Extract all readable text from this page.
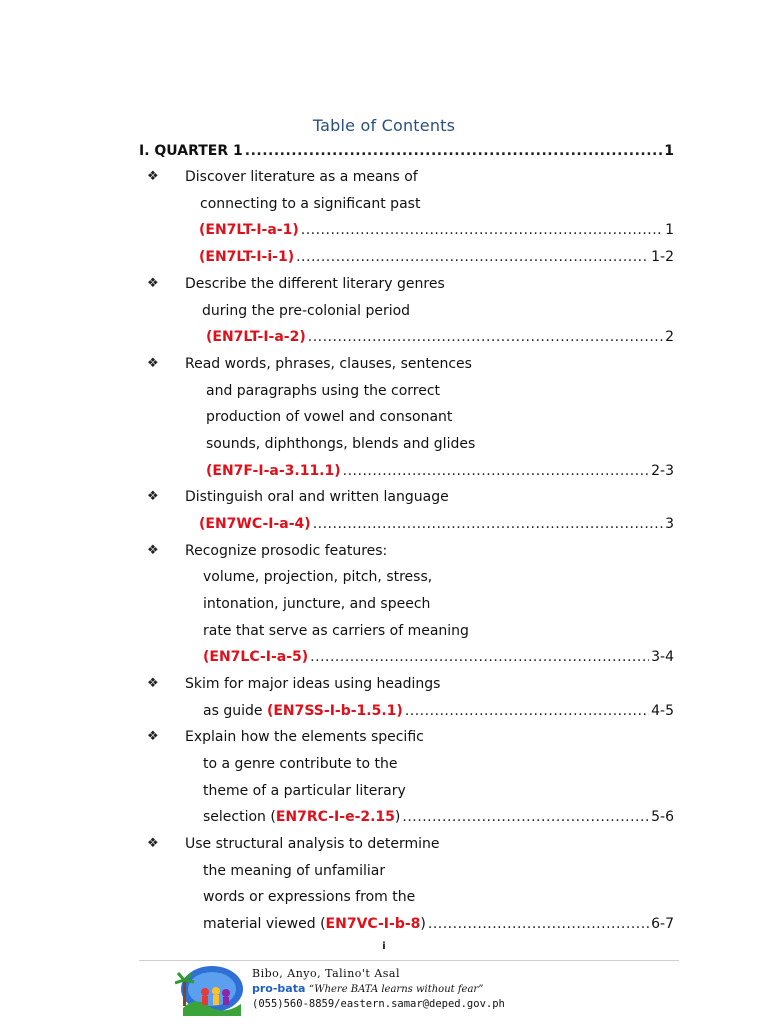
Table of Contents
I. QUARTER 1 .....	1
❖ Discover literature as a means of
connecting to a significant past
(EN7LT-I-a-1) .....	1
(EN7LT-I-i-1) .....	1-2
❖ Describe the different literary genres
during the pre-colonial period
(EN7LT-I-a-2) .....	2
❖ Read words, phrases, clauses, sentences
and paragraphs using the correct
production of vowel and consonant
sounds, diphthongs, blends and glides
(EN7F-I-a-3.11.1) .....	2-3
❖ Distinguish oral and written language
(EN7WC-I-a-4) .....	3
❖ Recognize prosodic features:
volume, projection, pitch, stress,
intonation, juncture, and speech
rate that serve as carriers of meaning
(EN7LC-I-a-5) .....	3-4
❖ Skim for major ideas using headings
as guide (EN7SS-I-b-1.5.1) .....	4-5
❖ Explain how the elements specific
to a genre contribute to the
theme of a particular literary
selection ( EN7RC-I-e-2.15 ) .....	5-6
❖ Use structural analysis to determine
the meaning of unfamiliar
words or expressions from the
material viewed ( EN7VC-I-b-8 ) .....	6-7
i
Bibo, Anyo, Talino't Asal
pro-bata “Where BATA learns without fear”
(055)560-8859/eastern.samar@deped.gov.ph
